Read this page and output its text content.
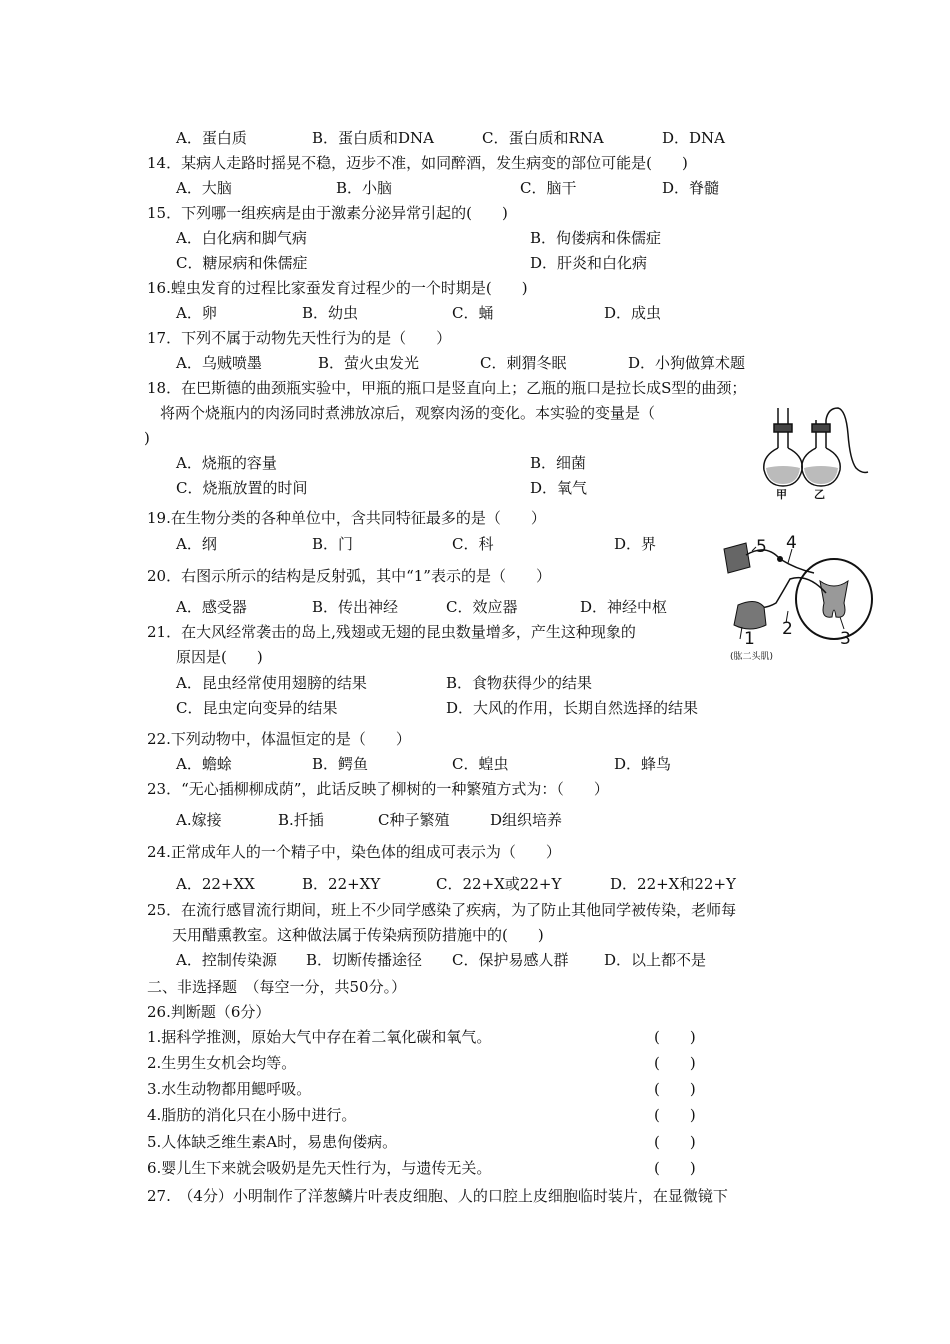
A．蛋白质	B．蛋白质和DNA	C．蛋白质和RNA	D．DNA
14．某病人走路时摇晃不稳，迈步不准，如同醉酒，发生病变的部位可能是(　　)
A．大脑	B．小脑	C．脑干	D．脊髓
15．下列哪一组疾病是由于激素分泌异常引起的(　　)
A．白化病和脚气病	B．佝偻病和侏儒症
C．糖尿病和侏儒症	D．肝炎和白化病
16.蝗虫发育的过程比家蚕发育过程少的一个时期是(　　)
A．卵	B．幼虫	C．蛹	D．成虫
17．下列不属于动物先天性行为的是（　　）
A．乌贼喷墨	B．萤火虫发光	C．刺猬冬眠	D．小狗做算术题
18．在巴斯德的曲颈瓶实验中，甲瓶的瓶口是竖直向上；乙瓶的瓶口是拉长成S型的曲颈；
将两个烧瓶内的肉汤同时煮沸放凉后，观察肉汤的变化。本实验的变量是（
)
A．烧瓶的容量	B．细菌
C．烧瓶放置的时间	D．氧气	甲 乙
19.在生物分类的各种单位中，含共同特征最多的是（　　）
A．纲	B．门	C．科	D．界
20．右图示所示的结构是反射弧，其中“1”表示的是（　　）
A．感受器	B．传出神经	C．效应器	D．神经中枢
5 4
2	3
1
(肱二头肌)
21．在大风经常袭击的岛上,残翅或无翅的昆虫数量增多，产生这种现象的
原因是(　　)
A．昆虫经常使用翅膀的结果	B．食物获得少的结果
C．昆虫定向变异的结果	D．大风的作用，长期自然选择的结果
22.下列动物中，体温恒定的是（　　）
A．蟾蜍	B．鳄鱼	C．蝗虫	D．蜂鸟
23．“无心插柳柳成荫”，此话反映了柳树的一种繁殖方式为：（　　）
A.嫁接	B.扦插	C种子繁殖	D组织培养
24.正常成年人的一个精子中，染色体的组成可表示为（　　）
A．22+XX	B．22+XY	C．22+X或22+Y	D．22+X和22+Y
25．在流行感冒流行期间，班上不少同学感染了疾病，为了防止其他同学被传染，老师每
天用醋熏教室。这种做法属于传染病预防措施中的(　　)
A．控制传染源 B．切断传播途径 C．保护易感人群 D．以上都不是
二、非选择题　（每空一分，共50分。）
26.判断题（6分）
1.据科学推测，原始大气中存在着二氧化碳和氧气。	(　　)
2.生男生女机会均等。	(　　)
3.水生动物都用鳃呼吸。	(　　)
4.脂肪的消化只在小肠中进行。	(　　)
5.人体缺乏维生素A时，易患佝偻病。	(　　)
6.婴儿生下来就会吸奶是先天性行为，与遗传无关。	(　　)
27.　（4分）小明制作了洋葱鳞片叶表皮细胞、人的口腔上皮细胞临时装片，在显微镜下
